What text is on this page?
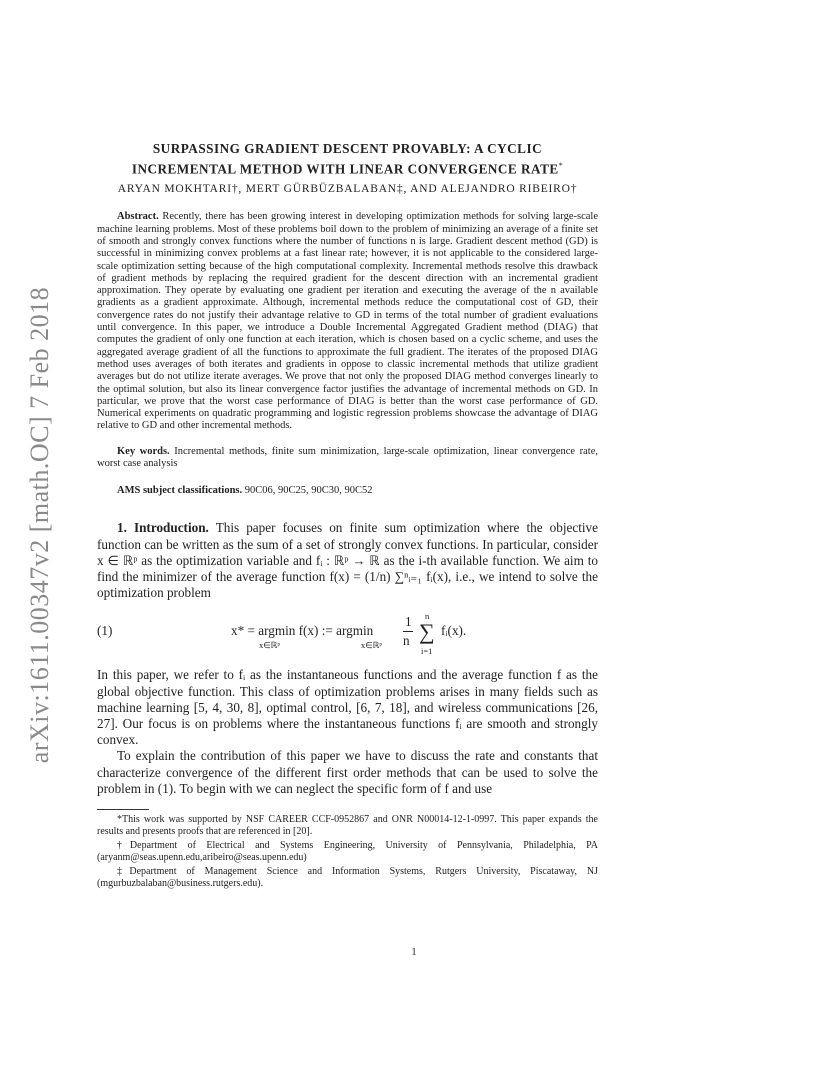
arXiv:1611.00347v2 [math.OC] 7 Feb 2018
SURPASSING GRADIENT DESCENT PROVABLY: A CYCLIC
INCREMENTAL METHOD WITH LINEAR CONVERGENCE RATE*
ARYAN MOKHTARI†, MERT GÜRBÜZBALABAN‡, AND ALEJANDRO RIBEIRO†
Abstract. Recently, there has been growing interest in developing optimization methods for solving large-scale machine learning problems. Most of these problems boil down to the problem of minimizing an average of a finite set of smooth and strongly convex functions where the number of functions n is large. Gradient descent method (GD) is successful in minimizing convex problems at a fast linear rate; however, it is not applicable to the considered large-scale optimization setting because of the high computational complexity. Incremental methods resolve this drawback of gradient methods by replacing the required gradient for the descent direction with an incremental gradient approximation. They operate by evaluating one gradient per iteration and executing the average of the n available gradients as a gradient approximate. Although, incremental methods reduce the computational cost of GD, their convergence rates do not justify their advantage relative to GD in terms of the total number of gradient evaluations until convergence. In this paper, we introduce a Double Incremental Aggregated Gradient method (DIAG) that computes the gradient of only one function at each iteration, which is chosen based on a cyclic scheme, and uses the aggregated average gradient of all the functions to approximate the full gradient. The iterates of the proposed DIAG method uses averages of both iterates and gradients in oppose to classic incremental methods that utilize gradient averages but do not utilize iterate averages. We prove that not only the proposed DIAG method converges linearly to the optimal solution, but also its linear convergence factor justifies the advantage of incremental methods on GD. In particular, we prove that the worst case performance of DIAG is better than the worst case performance of GD. Numerical experiments on quadratic programming and logistic regression problems showcase the advantage of DIAG relative to GD and other incremental methods.
Key words. Incremental methods, finite sum minimization, large-scale optimization, linear convergence rate, worst case analysis
AMS subject classifications. 90C06, 90C25, 90C30, 90C52
1. Introduction. This paper focuses on finite sum optimization where the objective function can be written as the sum of a set of strongly convex functions. In particular, consider x ∈ ℝᵖ as the optimization variable and fᵢ : ℝᵖ → ℝ as the i-th available function. We aim to find the minimizer of the average function f(x) = (1/n) ∑ⁿᵢ₌₁ fᵢ(x), i.e., we intend to solve the optimization problem
(1)	x* = argmin f(x) := argmin
x∈ℝᵖ	x∈ℝᵖ
1
n
n
∑
i=1
fᵢ(x).
In this paper, we refer to fᵢ as the instantaneous functions and the average function f as the global objective function. This class of optimization problems arises in many fields such as machine learning [5, 4, 30, 8], optimal control, [6, 7, 18], and wireless communications [26, 27]. Our focus is on problems where the instantaneous functions fᵢ are smooth and strongly convex.
To explain the contribution of this paper we have to discuss the rate and constants that characterize convergence of the different first order methods that can be used to solve the problem in (1). To begin with we can neglect the specific form of f and use

*This work was supported by NSF CAREER CCF-0952867 and ONR N00014-12-1-0997. This paper expands the results and presents proofs that are referenced in [20].

†Department of Electrical and Systems Engineering, University of Pennsylvania, Philadelphia, PA (aryanm@seas.upenn.edu,aribeiro@seas.upenn.edu)

‡Department of Management Science and Information Systems, Rutgers University, Piscataway, NJ (mgurbuzbalaban@business.rutgers.edu).

1
